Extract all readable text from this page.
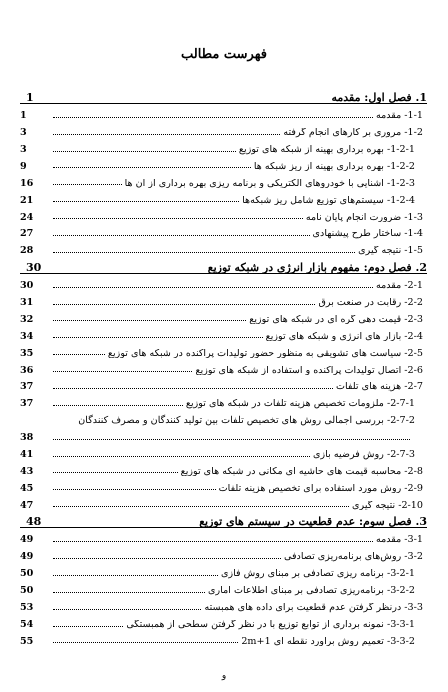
فهرست مطالب
1. فصل اول: مقدمه
1
1-1- مقدمه
1
1-2- مروری بر کارهای انجام گرفته
3
1-2-1- بهره برداری بهینه از شبکه های توزیع
3
1-2-2- بهره برداری بهینه از ریز شبکه ها
9
1-2-3- آشنایی با خودروهای الکتریکی و برنامه ریزی بهره برداری از آن ها
16
1-2-4- سیستم‌های توزیع شامل ریز شبکه‌ها
21
1-3- ضرورت انجام پایان نامه
24
1-4- ساختار طرح پیشنهادی
27
1-5- نتیجه گیری
28
2. فصل دوم: مفهوم بازار انرژی در شبکه توزیع
30
2-1- مقدمه
30
2-2- رقابت در صنعت برق
31
2-3- قیمت دهی گره ای در شبکه های توزیع
32
2-4- بازار های انرژی و شبکه های توزیع
34
2-5- سیاست های تشویقی به منظور حضور تولیدات پراکنده در شبکه های توزیع
35
2-6- اتصال تولیدات پراکنده و استفاده از شبکه های توزیع
36
2-7- هزینه های تلفات
37
2-7-1- ملزومات تخصیص هزینه تلفات در شبکه های توزیع
37
2-7-2- بررسی اجمالی روش های تخصیص تلفات بین تولید کنندگان و مصرف کنندگان
38
2-7-3- روش فرضیه بازی
41
2-8- محاسبه قیمت های حاشیه ای مکانی در شبکه های توزیع
43
2-9- روش مورد استفاده برای تخصیص هزینه تلفات
45
2-10- نتیجه گیری
47
3. فصل سوم: عدم قطعیت در سیستم های توزیع
48
3-1- مقدمه
49
3-2- روش‌های برنامه‌ریزی تصادفی
49
3-2-1- برنامه ریزی تصادفی بر مبنای روش فازی
50
3-2-2- برنامه‌ریزی تصادفی بر مبنای اطلاعات آماری
50
3-3- درنظر گرفتن عدم قطعیت برای داده های همبسته
53
3-3-1- نمونه برداری از توابع توزیع با در نظر گرفتن سطحی از همبستگی
54
3-3-2- تعمیم روش برآورد نقطه ای 2m+1
55
و
